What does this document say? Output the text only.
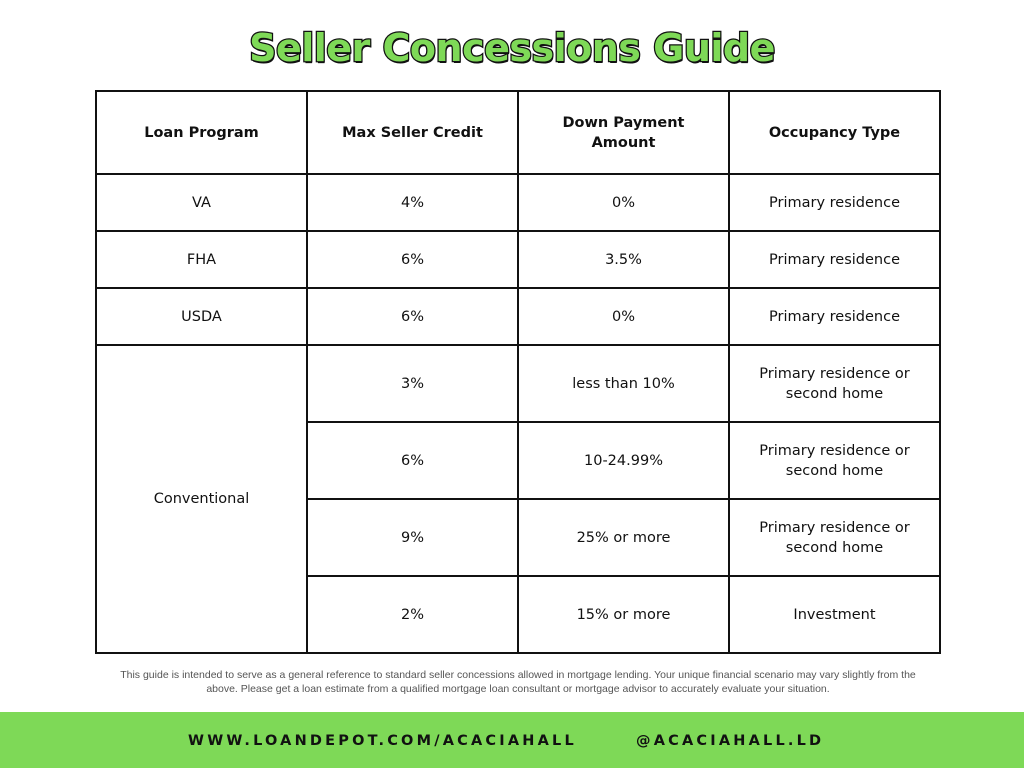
Seller Concessions Guide
Loan Program	Max Seller Credit	Down Payment Amount	Occupancy Type
VA	4%	0%	Primary residence
FHA	6%	3.5%	Primary residence
USDA	6%	0%	Primary residence
Conventional	3%	less than 10%	Primary residence or second home
	6%	10-24.99%	Primary residence or second home
	9%	25% or more	Primary residence or second home
	2%	15% or more	Investment

This guide is intended to serve as a general reference to standard seller concessions allowed in mortgage lending. Your unique financial scenario may vary slightly from the above. Please get a loan estimate from a qualified mortgage loan consultant or mortgage advisor to accurately evaluate your situation.

WWW.LOANDEPOT.COM/ACACIAHALL	@ACACIAHALL.LD
